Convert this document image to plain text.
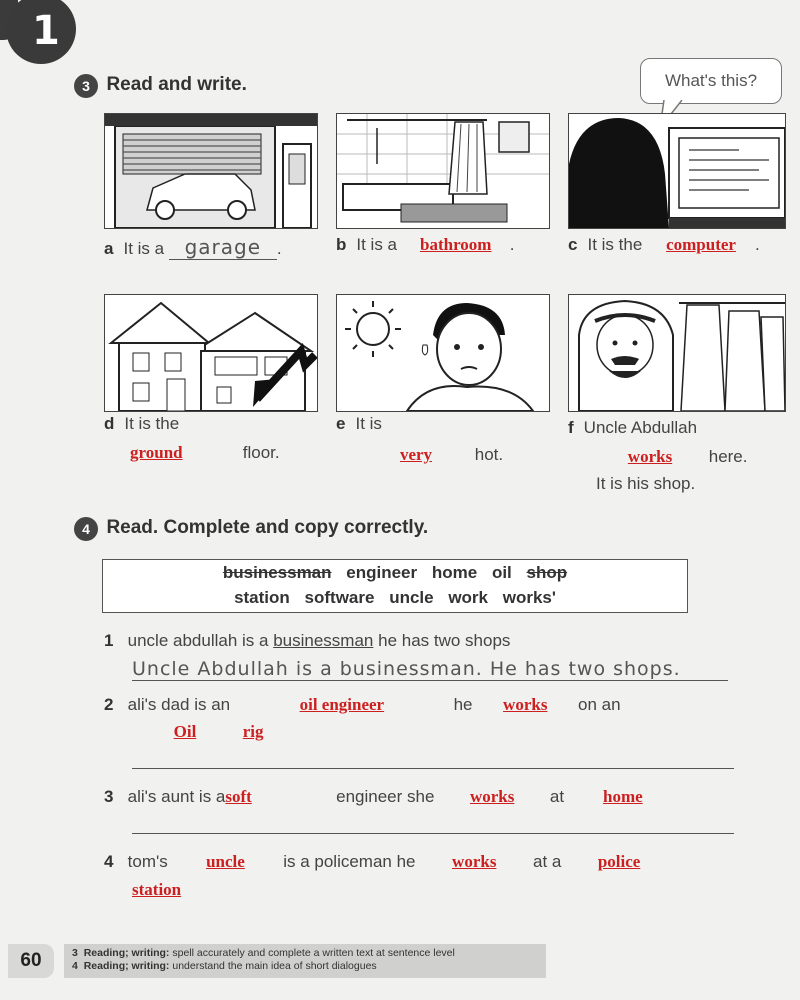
1
3 Read and write.	What's this?
a It is a garage .	b It is a bathroom .	c It is the computer .
d It is the
ground	floor.
e It is
very	hot.
f Uncle Abdullah
works here.
It is his shop.
4 Read. Complete and copy correctly.
businessman engineer home oil shop
station software uncle work works'
1 uncle abdullah is a businessman he has two shops
Uncle Abdullah is a businessman. He has two shops.
2 ali's dad is an	oil engineer	he works on an
Oil	rig
3 ali's aunt is asoft	engineer she works at home
4 tom's uncle is a policeman he works at a police
station
60	3 Reading; writing: spell accurately and complete a written text at sentence level
4 Reading; writing: understand the main idea of short dialogues
